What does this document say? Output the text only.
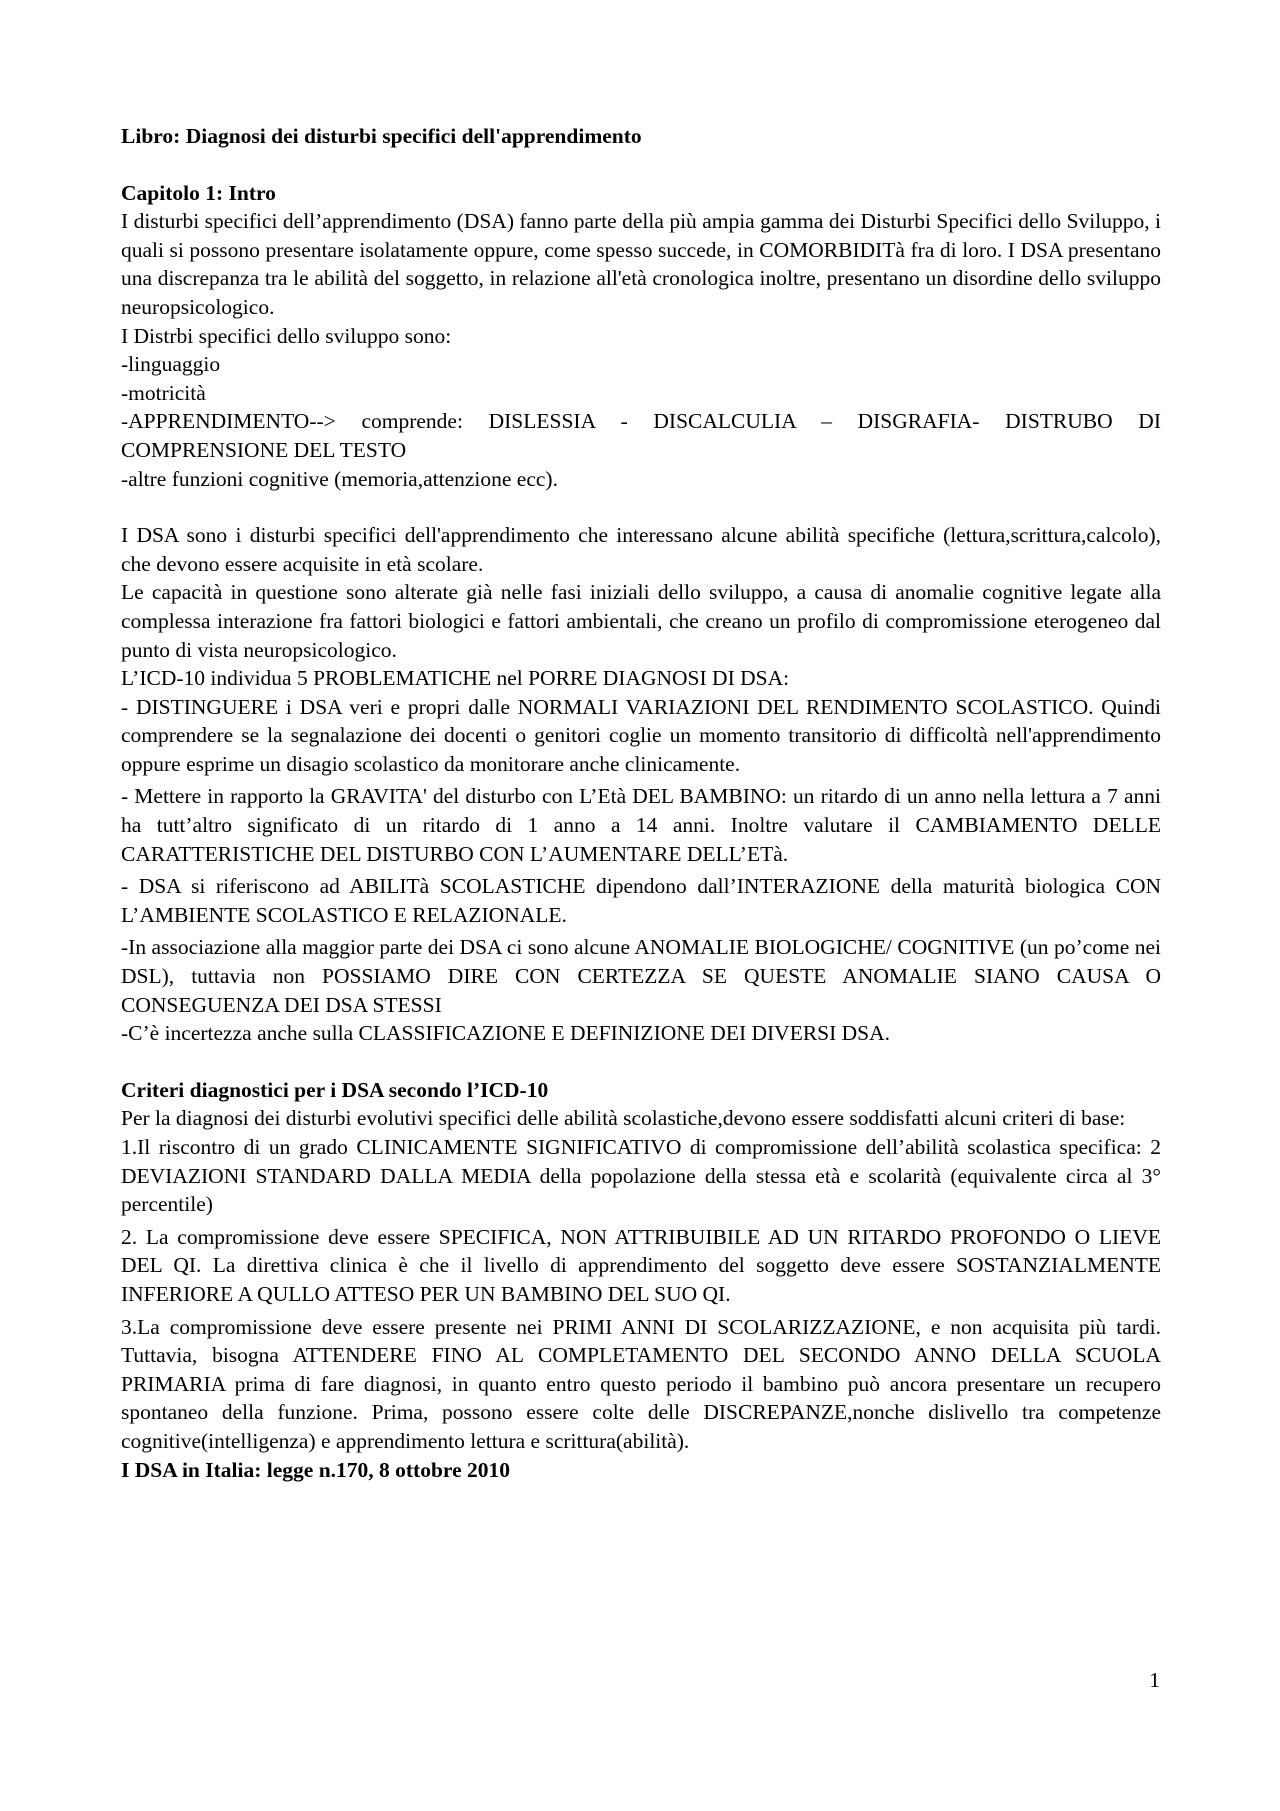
Libro: Diagnosi dei disturbi specifici dell'apprendimento

Capitolo 1: Intro

I disturbi specifici dell’apprendimento (DSA) fanno parte della più ampia gamma dei Disturbi Specifici dello Sviluppo, i quali si possono presentare isolatamente oppure, come spesso succede, in COMORBIDITà fra di loro. I DSA presentano una discrepanza tra le abilità del soggetto, in relazione all'età cronologica inoltre, presentano un disordine dello sviluppo neuropsicologico.

I Distrbi specifici dello sviluppo sono:

-linguaggio

-motricità

-APPRENDIMENTO--> comprende: DISLESSIA - DISCALCULIA – DISGRAFIA- DISTRUBO DI COMPRENSIONE DEL TESTO

-altre funzioni cognitive (memoria,attenzione ecc).

I DSA sono i disturbi specifici dell'apprendimento che interessano alcune abilità specifiche (lettura,scrittura,calcolo), che devono essere acquisite in età scolare.

Le capacità in questione sono alterate già nelle fasi iniziali dello sviluppo, a causa di anomalie cognitive legate alla complessa interazione fra fattori biologici e fattori ambientali, che creano un profilo di compromissione eterogeneo dal punto di vista neuropsicologico.

L’ICD-10 individua 5 PROBLEMATICHE nel PORRE DIAGNOSI DI DSA:

- DISTINGUERE i DSA veri e propri dalle NORMALI VARIAZIONI DEL RENDIMENTO SCOLASTICO. Quindi comprendere se la segnalazione dei docenti o genitori coglie un momento transitorio di difficoltà nell'apprendimento oppure esprime un disagio scolastico da monitorare anche clinicamente.

- Mettere in rapporto la GRAVITA' del disturbo con L’Età DEL BAMBINO: un ritardo di un anno nella lettura a 7 anni ha tutt’altro significato di un ritardo di 1 anno a 14 anni. Inoltre valutare il CAMBIAMENTO DELLE CARATTERISTICHE DEL DISTURBO CON L’AUMENTARE DELL’ETà.

- DSA si riferiscono ad ABILITà SCOLASTICHE dipendono dall’INTERAZIONE della maturità biologica CON L’AMBIENTE SCOLASTICO E RELAZIONALE.

-In associazione alla maggior parte dei DSA ci sono alcune ANOMALIE BIOLOGICHE/ COGNITIVE (un po’come nei DSL), tuttavia non POSSIAMO DIRE CON CERTEZZA SE QUESTE ANOMALIE SIANO CAUSA O CONSEGUENZA DEI DSA STESSI

-C’è incertezza anche sulla CLASSIFICAZIONE E DEFINIZIONE DEI DIVERSI DSA.

Criteri diagnostici per i DSA secondo l’ICD-10

Per la diagnosi dei disturbi evolutivi specifici delle abilità scolastiche,devono essere soddisfatti alcuni criteri di base:

1.Il riscontro di un grado CLINICAMENTE SIGNIFICATIVO di compromissione dell’abilità scolastica specifica: 2 DEVIAZIONI STANDARD DALLA MEDIA della popolazione della stessa età e scolarità (equivalente circa al 3° percentile)

2. La compromissione deve essere SPECIFICA, NON ATTRIBUIBILE AD UN RITARDO PROFONDO O LIEVE DEL QI. La direttiva clinica è che il livello di apprendimento del soggetto deve essere SOSTANZIALMENTE INFERIORE A QULLO ATTESO PER UN BAMBINO DEL SUO QI.

3.La compromissione deve essere presente nei PRIMI ANNI DI SCOLARIZZAZIONE, e non acquisita più tardi. Tuttavia, bisogna ATTENDERE FINO AL COMPLETAMENTO DEL SECONDO ANNO DELLA SCUOLA PRIMARIA prima di fare diagnosi, in quanto entro questo periodo il bambino può ancora presentare un recupero spontaneo della funzione. Prima, possono essere colte delle DISCREPANZE,nonche dislivello tra competenze cognitive(intelligenza) e apprendimento lettura e scrittura(abilità).

I DSA in Italia: legge n.170, 8 ottobre 2010

1
